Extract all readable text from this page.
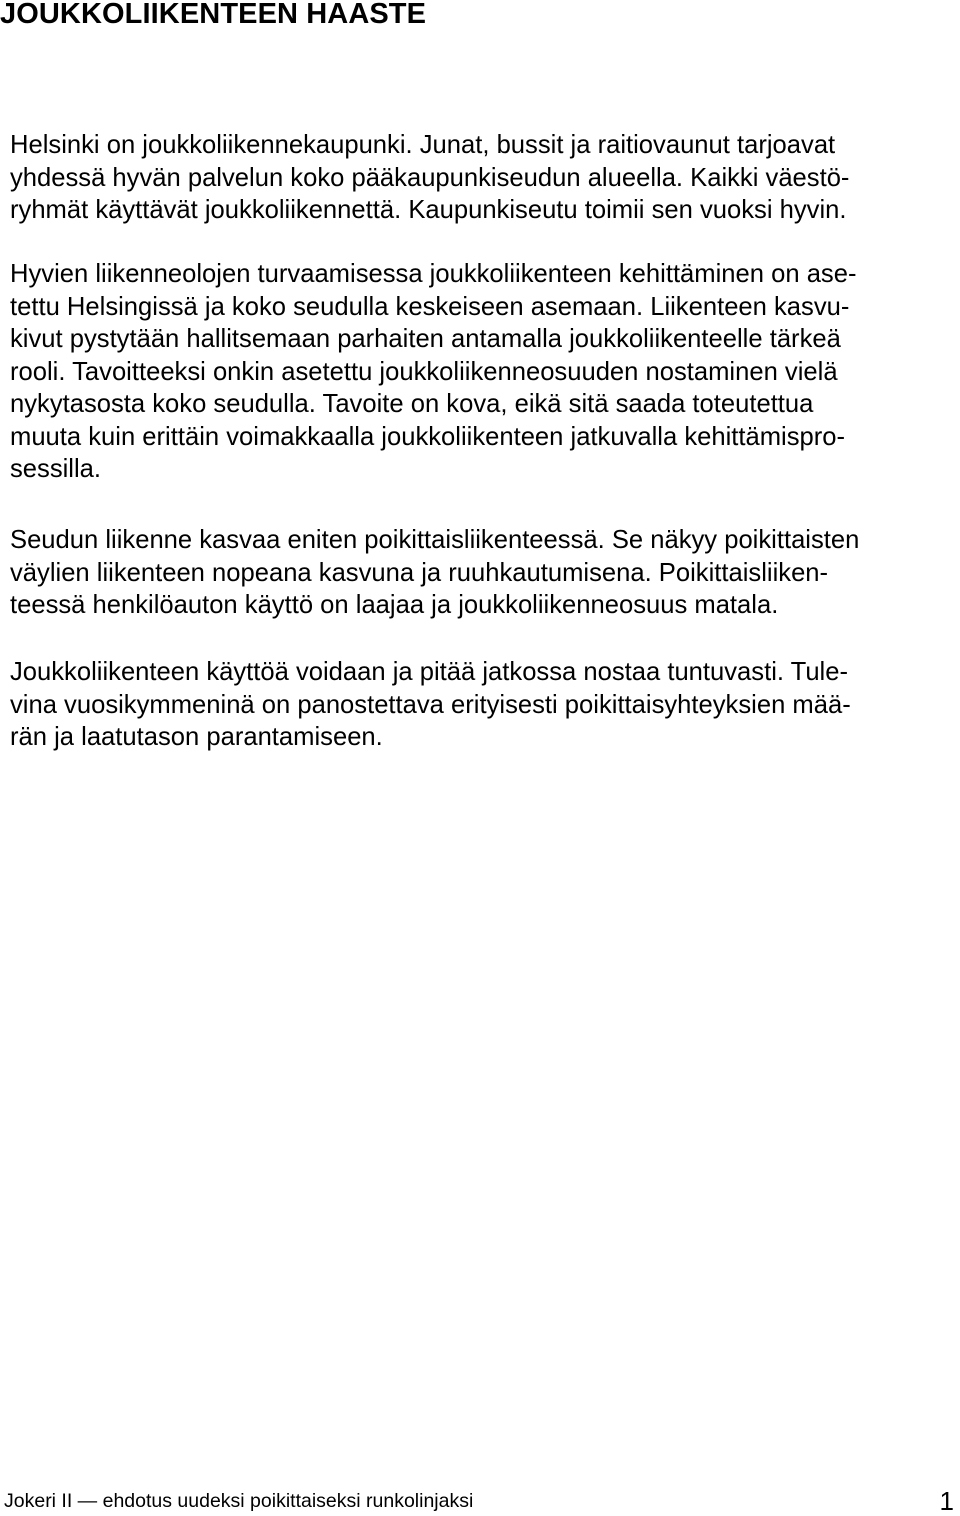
JOUKKOLIIKENTEEN HAASTE

Helsinki on joukkoliikennekaupunki. Junat, bussit ja raitiovaunut tarjoavat
yhdessä hyvän palvelun koko pääkaupunkiseudun alueella. Kaikki väestö-
ryhmät käyttävät joukkoliikennettä. Kaupunkiseutu toimii sen vuoksi hyvin.

Hyvien liikenneolojen turvaamisessa joukkoliikenteen kehittäminen on ase-
tettu Helsingissä ja koko seudulla keskeiseen asemaan. Liikenteen kasvu-
kivut pystytään hallitsemaan parhaiten antamalla joukkoliikenteelle tärkeä
rooli. Tavoitteeksi onkin asetettu joukkoliikenneosuuden nostaminen vielä
nykytasosta koko seudulla. Tavoite on kova, eikä sitä saada toteutettua
muuta kuin erittäin voimakkaalla joukkoliikenteen jatkuvalla kehittämispro-
sessilla.

Seudun liikenne kasvaa eniten poikittaisliikenteessä. Se näkyy poikittaisten
väylien liikenteen nopeana kasvuna ja ruuhkautumisena. Poikittaisliiken-
teessä henkilöauton käyttö on laajaa ja joukkoliikenneosuus matala.

Joukkoliikenteen käyttöä voidaan ja pitää jatkossa nostaa tuntuvasti. Tule-
vina vuosikymmeninä on panostettava erityisesti poikittaisyhteyksien mää-
rän ja laatutason parantamiseen.

Jokeri II — ehdotus uudeksi poikittaiseksi runkolinjaksi	1
